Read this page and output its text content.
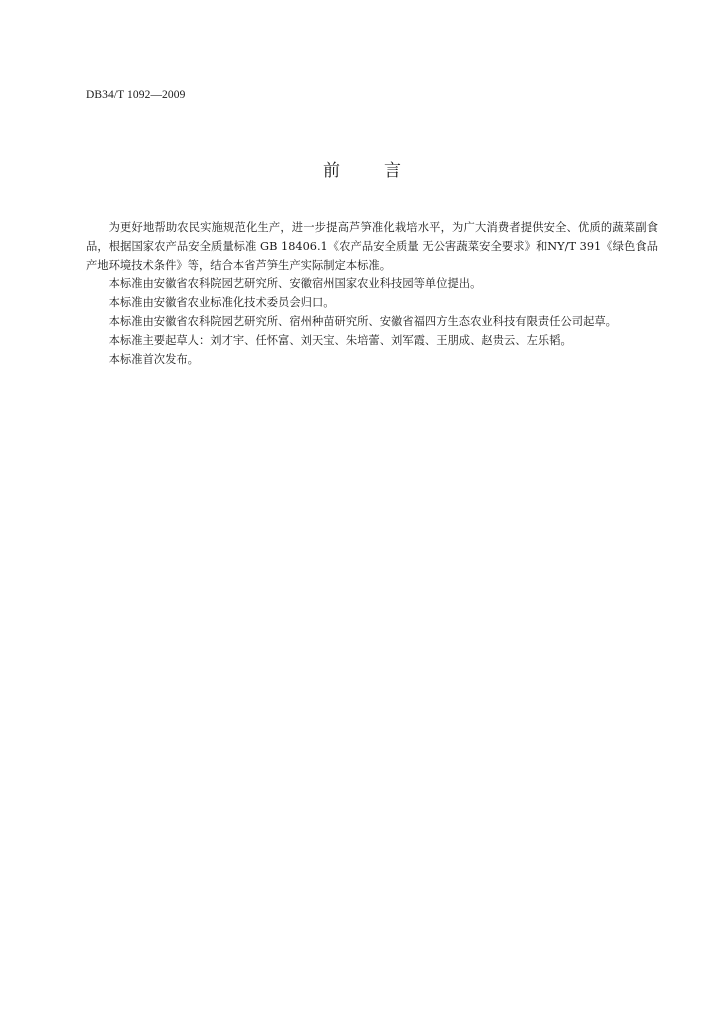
DB34/T 1092—2009
前	言

为更好地帮助农民实施规范化生产，进一步提高芦笋准化栽培水平，为广大消费者提供安全、优质的蔬菜副食品，根据国家农产品安全质量标准 GB 18406.1《农产品安全质量 无公害蔬菜安全要求》和NY/T 391《绿色食品 产地环境技术条件》等，结合本省芦笋生产实际制定本标准。

本标准由安徽省农科院园艺研究所、安徽宿州国家农业科技园等单位提出。

本标准由安徽省农业标准化技术委员会归口。

本标准由安徽省农科院园艺研究所、宿州种苗研究所、安徽省福四方生态农业科技有限责任公司起草。

本标准主要起草人：刘才宇、任怀富、刘天宝、朱培蕾、刘军霞、王朋成、赵贵云、左乐韬。

本标准首次发布。
